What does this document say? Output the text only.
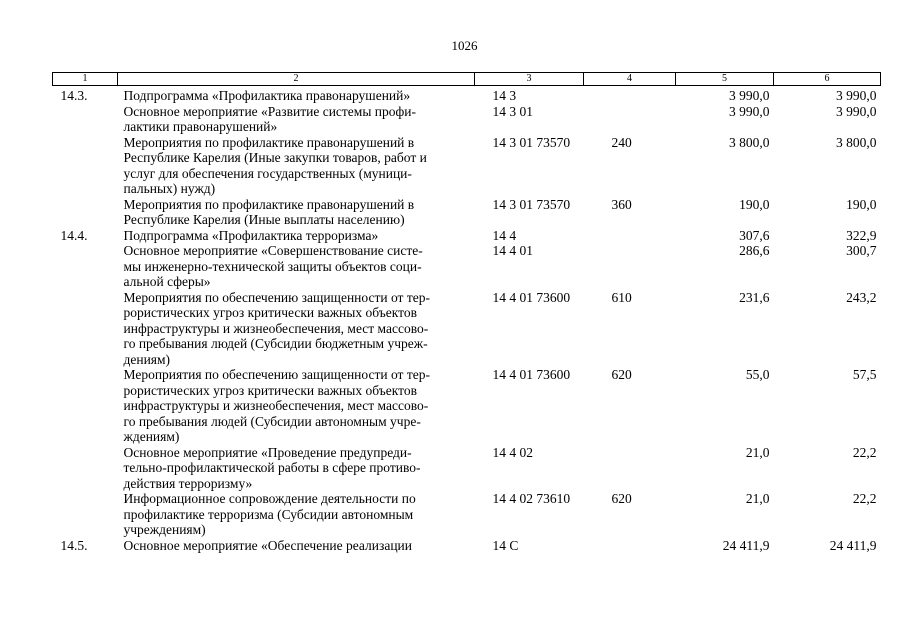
1026
1	2	3	4	5	6
14.3.	Подпрограмма «Профилактика правонарушений»	14 3		3 990,0	3 990,0
	Основное мероприятие «Развитие системы профи-
лактики правонарушений»	14 3 01		3 990,0	3 990,0
	Мероприятия по профилактике правонарушений в
Республике Карелия (Иные закупки товаров, работ и
услуг для обеспечения государственных (муници-
пальных) нужд)	14 3 01 73570	240	3 800,0	3 800,0
	Мероприятия по профилактике правонарушений в
Республике Карелия (Иные выплаты населению)	14 3 01 73570	360	190,0	190,0
14.4.	Подпрограмма «Профилактика терроризма»	14 4		307,6	322,9
	Основное мероприятие «Совершенствование систе-
мы инженерно-технической защиты объектов соци-
альной сферы»	14 4 01		286,6	300,7
	Мероприятия по обеспечению защищенности от тер-
рористических угроз критически важных объектов
инфраструктуры и жизнеобеспечения, мест массово-
го пребывания людей (Субсидии бюджетным учреж-
дениям)	14 4 01 73600	610	231,6	243,2
	Мероприятия по обеспечению защищенности от тер-
рористических угроз критически важных объектов
инфраструктуры и жизнеобеспечения, мест массово-
го пребывания людей (Субсидии автономным учре-
ждениям)	14 4 01 73600	620	55,0	57,5
	Основное мероприятие «Проведение предупреди-
тельно-профилактической работы в сфере противо-
действия терроризму»	14 4 02		21,0	22,2
	Информационное сопровождение деятельности по
профилактике терроризма (Субсидии автономным
учреждениям)	14 4 02 73610	620	21,0	22,2
14.5.	Основное мероприятие «Обеспечение реализации	14 С		24 411,9	24 411,9
